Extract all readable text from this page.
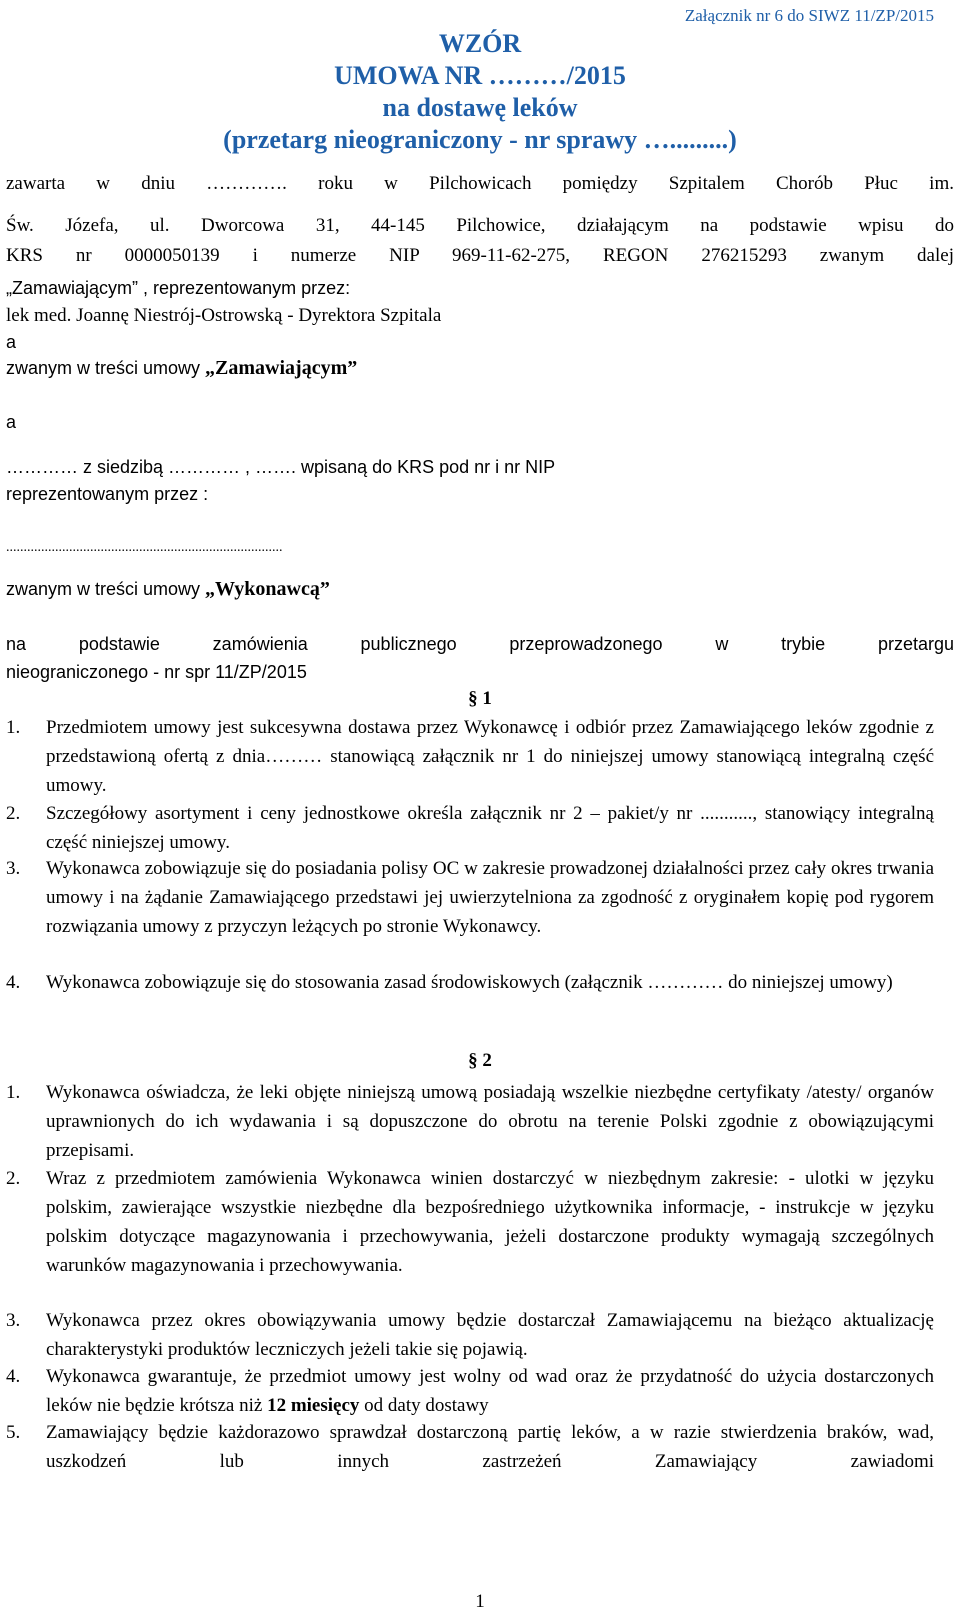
Załącznik nr 6 do SIWZ 11/ZP/2015
WZÓR
UMOWA NR ………/2015
na dostawę leków
(przetarg nieograniczony - nr sprawy ….........)
zawarta w dniu …………. roku w Pilchowicach pomiędzy Szpitalem Chorób Płuc im.
Św. Józefa, ul. Dworcowa 31, 44-145 Pilchowice, działającym na podstawie wpisu do
KRS nr 0000050139 i numerze NIP 969-11-62-275, REGON 276215293 zwanym dalej
„Zamawiającym” , reprezentowanym przez:
lek med. Joannę Niestrój-Ostrowską - Dyrektora Szpitala
a
zwanym w treści umowy „Zamawiającym”
a
………… z siedzibą ………… , ……. wpisaną do KRS pod nr i nr NIP
reprezentowanym przez :
...............................................................................
zwanym w treści umowy „Wykonawcą”
na podstawie zamówienia publicznego przeprowadzonego w trybie przetargu
nieograniczonego - nr spr 11/ZP/2015
§ 1
1.	Przedmiotem umowy jest sukcesywna dostawa przez Wykonawcę i odbiór przez Zamawiającego leków zgodnie z przedstawioną ofertą z dnia……… stanowiącą załącznik nr 1 do niniejszej umowy stanowiącą integralną część umowy.
2.	Szczegółowy asortyment i ceny jednostkowe określa załącznik nr 2 – pakiet/y nr ..........., stanowiący integralną część niniejszej umowy.
3.	Wykonawca zobowiązuje się do posiadania polisy OC w zakresie prowadzonej działalności przez cały okres trwania umowy i na żądanie Zamawiającego przedstawi jej uwierzytelniona za zgodność z oryginałem kopię pod rygorem rozwiązania umowy z przyczyn leżących po stronie Wykonawcy.
4.	Wykonawca zobowiązuje się do stosowania zasad środowiskowych (załącznik ………… do niniejszej umowy)
§ 2
1.	Wykonawca oświadcza, że leki objęte niniejszą umową posiadają wszelkie niezbędne certyfikaty /atesty/ organów uprawnionych do ich wydawania i są dopuszczone do obrotu na terenie Polski zgodnie z obowiązującymi przepisami.
2.	Wraz z przedmiotem zamówienia Wykonawca winien dostarczyć w niezbędnym zakresie: - ulotki w języku polskim, zawierające wszystkie niezbędne dla bezpośredniego użytkownika informacje, - instrukcje w języku polskim dotyczące magazynowania i przechowywania, jeżeli dostarczone produkty wymagają szczególnych warunków magazynowania i przechowywania.
3.	Wykonawca przez okres obowiązywania umowy będzie dostarczał Zamawiającemu na bieżąco aktualizację charakterystyki produktów leczniczych jeżeli takie się pojawią.
4.	Wykonawca gwarantuje, że przedmiot umowy jest wolny od wad oraz że przydatność do użycia dostarczonych leków nie będzie krótsza niż 12 miesięcy od daty dostawy
5.	Zamawiający będzie każdorazowo sprawdzał dostarczoną partię leków, a w razie stwierdzenia braków, wad, uszkodzeń lub innych zastrzeżeń Zamawiający zawiadomi
1
